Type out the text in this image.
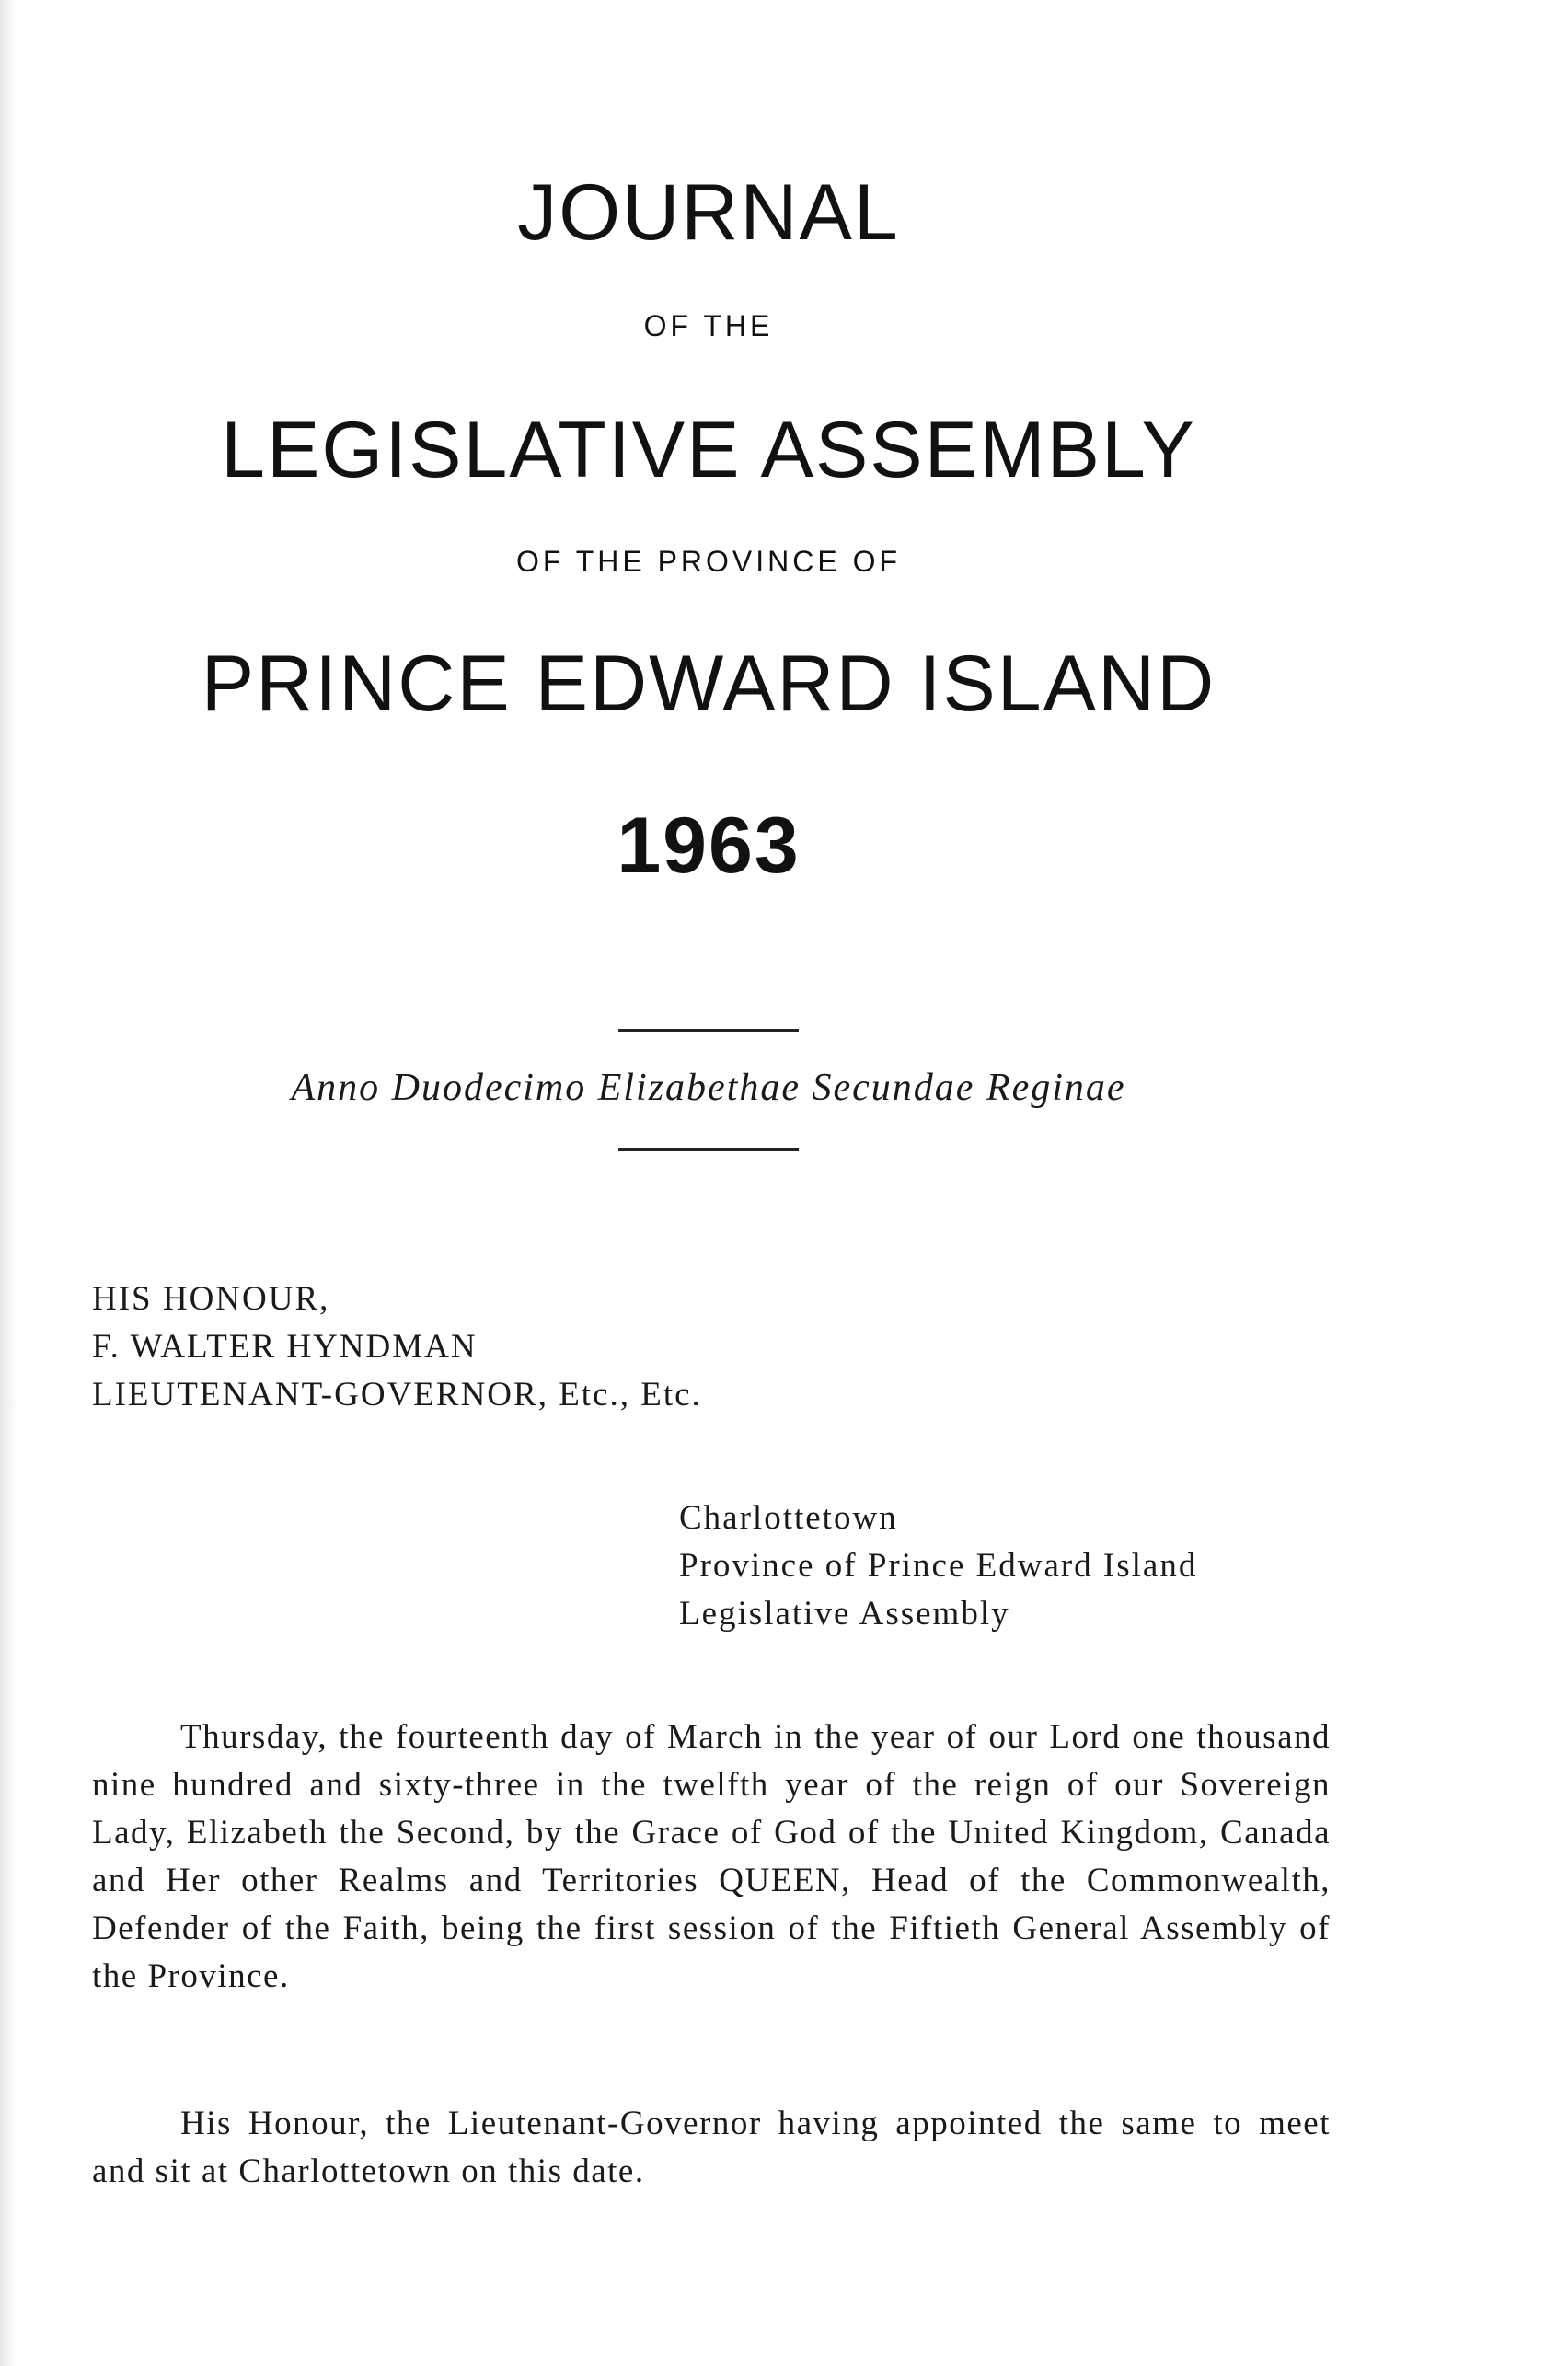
JOURNAL
OF THE
LEGISLATIVE ASSEMBLY
OF THE PROVINCE OF
PRINCE EDWARD ISLAND
1963
Anno Duodecimo Elizabethae Secundae Reginae
HIS HONOUR,
F. WALTER HYNDMAN
LIEUTENANT-GOVERNOR, Etc., Etc.
Charlottetown
Province of Prince Edward Island
Legislative Assembly

Thursday, the fourteenth day of March in the year of our Lord one thousand nine hundred and sixty-three in the twelfth year of the reign of our Sovereign Lady, Elizabeth the Second, by the Grace of God of the United Kingdom, Canada and Her other Realms and Territories QUEEN, Head of the Commonwealth, Defender of the Faith, being the first session of the Fiftieth General Assembly of the Province.

His Honour, the Lieutenant-Governor having appointed the same to meet and sit at Charlottetown on this date.
